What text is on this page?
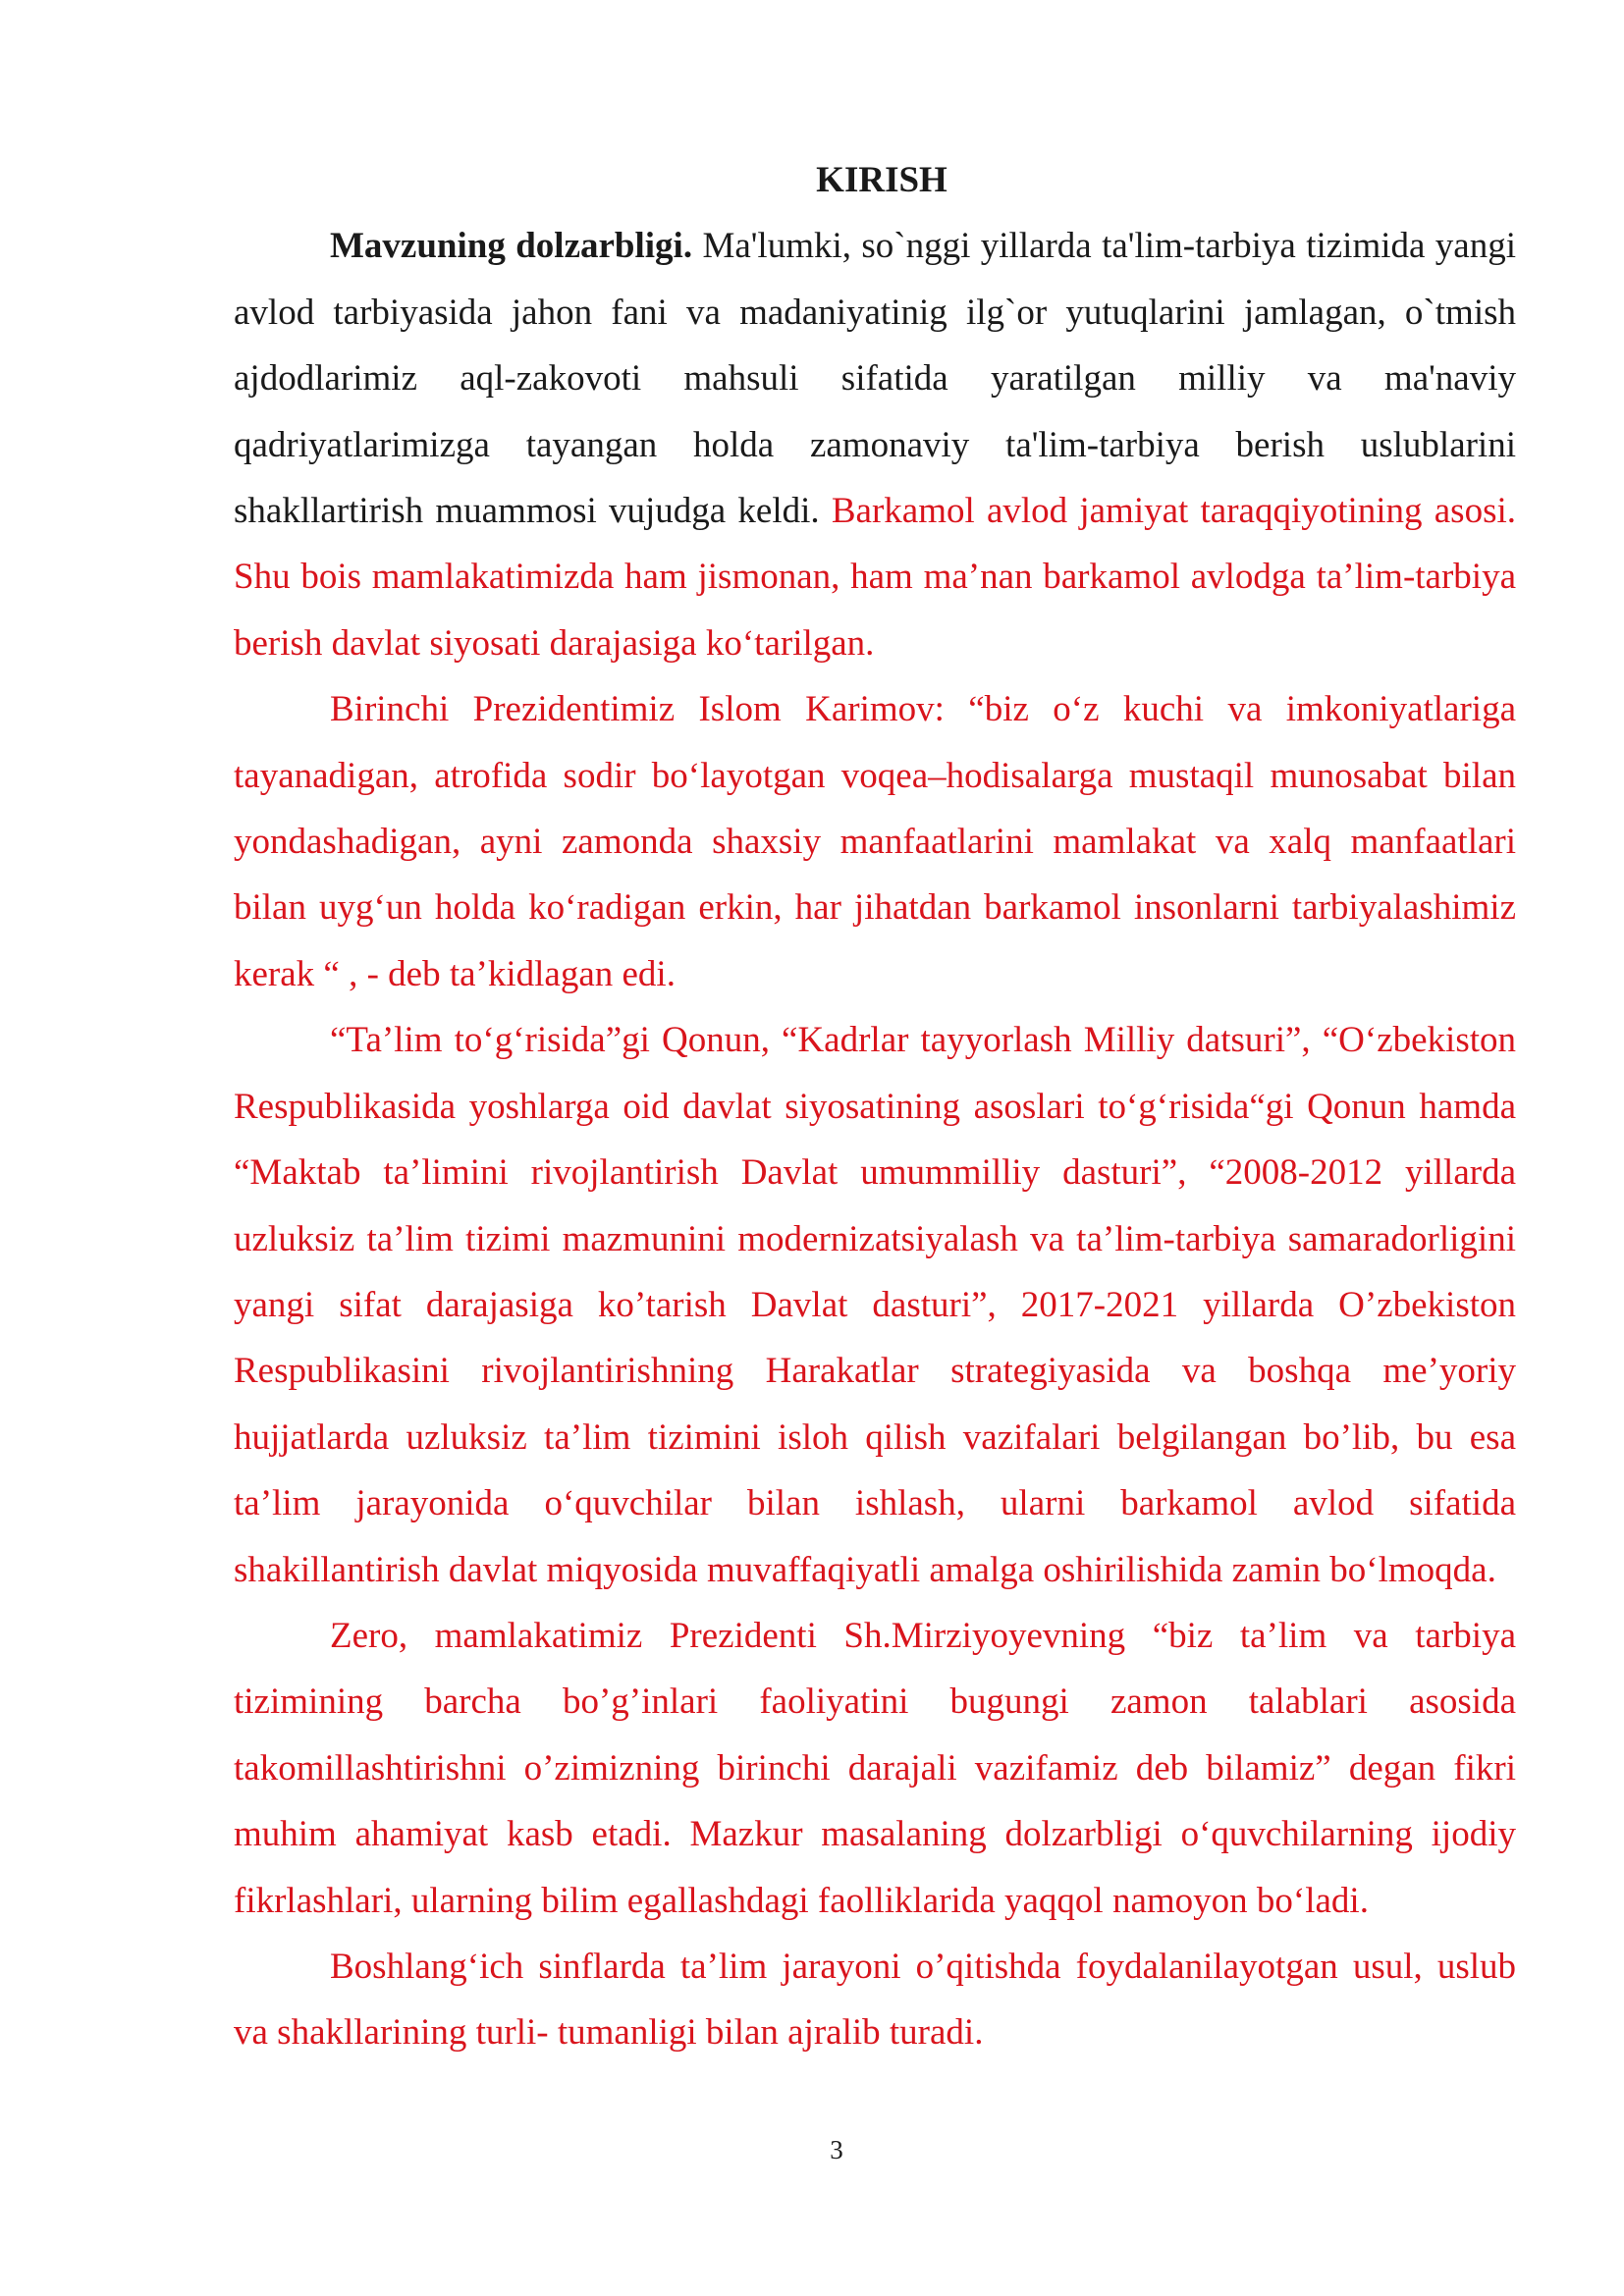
KIRISH

Mavzuning dolzarbligi. Ma'lumki, so`nggi yillarda ta'lim-tarbiya tizimida yangi avlod tarbiyasida jahon fani va madaniyatinig ilg`or yutuqlarini jamlagan, o`tmish ajdodlarimiz aql-zakovoti mahsuli sifatida yaratilgan milliy va ma'naviy qadriyatlarimizga tayangan holda zamonaviy ta'lim-tarbiya berish uslublarini shakllartirish muammosi vujudga keldi. Barkamol avlod jamiyat taraqqiyotining asosi. Shu bois mamlakatimizda ham jismonan, ham ma’nan barkamol avlodga ta’lim-tarbiya berish davlat siyosati darajasiga ko‘tarilgan.

Birinchi Prezidentimiz Islom Karimov: “biz o‘z kuchi va imkoniyatlariga tayanadigan, atrofida sodir bo‘layotgan voqea–hodisalarga mustaqil munosabat bilan yondashadigan, ayni zamonda shaxsiy manfaatlarini mamlakat va xalq manfaatlari bilan uyg‘un holda ko‘radigan erkin, har jihatdan barkamol insonlarni tarbiyalashimiz kerak “ , - deb ta’kidlagan edi.

“Ta’lim to‘g‘risida”gi Qonun, “Kadrlar tayyorlash Milliy datsuri”, “O‘zbekiston Respublikasida yoshlarga oid davlat siyosatining asoslari to‘g‘risida“gi Qonun hamda “Maktab ta’limini rivojlantirish Davlat umummilliy dasturi”, “2008-2012 yillarda uzluksiz ta’lim tizimi mazmunini modernizatsiyalash va ta’lim-tarbiya samaradorligini yangi sifat darajasiga ko’tarish Davlat dasturi”, 2017-2021 yillarda O’zbekiston Respublikasini rivojlantirishning Harakatlar strategiyasida va boshqa me’yoriy hujjatlarda uzluksiz ta’lim tizimini isloh qilish vazifalari belgilangan bo’lib, bu esa ta’lim jarayonida o‘quvchilar bilan ishlash, ularni barkamol avlod sifatida shakillantirish davlat miqyosida muvaffaqiyatli amalga oshirilishida zamin bo‘lmoqda.

Zero, mamlakatimiz Prezidenti Sh.Mirziyoyevning “biz ta’lim va tarbiya tizimining barcha bo’g’inlari faoliyatini bugungi zamon talablari asosida takomillashtirishni o’zimizning birinchi darajali vazifamiz deb bilamiz” degan fikri muhim ahamiyat kasb etadi. Mazkur masalaning dolzarbligi o‘quvchilarning ijodiy fikrlashlari, ularning bilim egallashdagi faolliklarida yaqqol namoyon bo‘ladi.

Boshlang‘ich sinflarda ta’lim jarayoni o’qitishda foydalanilayotgan usul, uslub va shakllarining turli- tumanligi bilan ajralib turadi.

3
